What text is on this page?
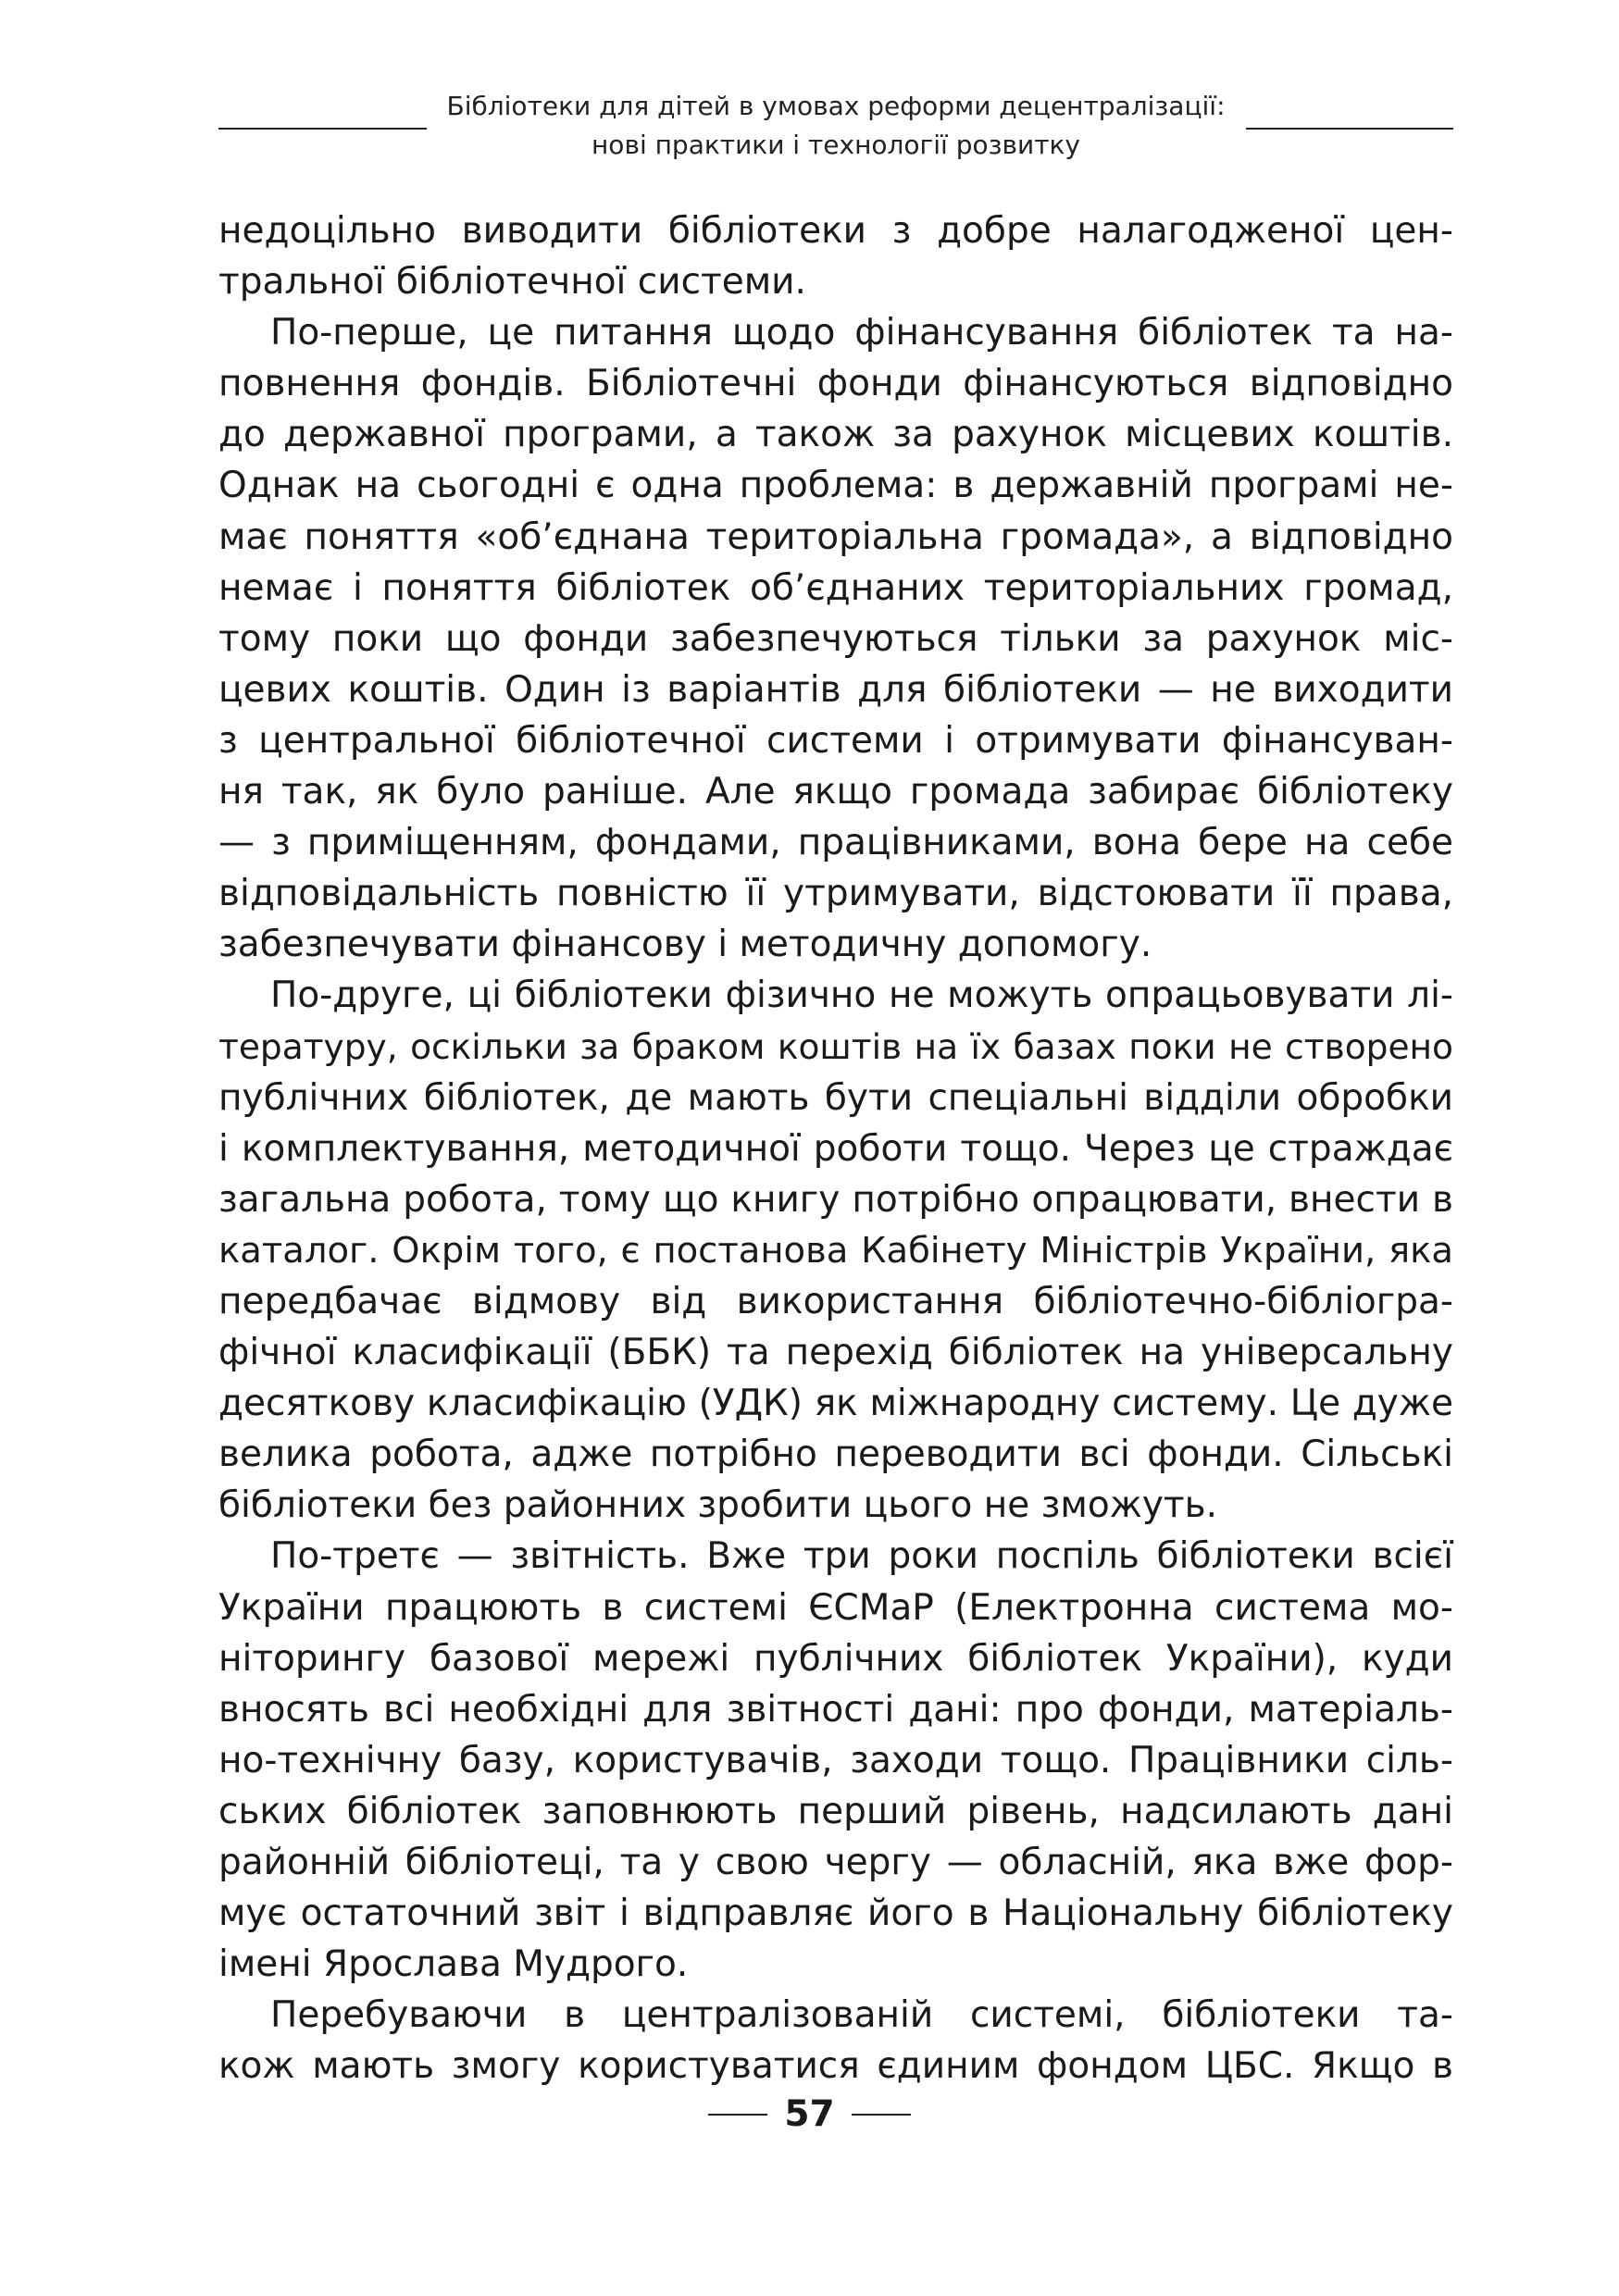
Бібліотеки для дітей в умовах реформи децентралізації:
нові практики і технології розвитку
недоцільно виводити бібліотеки з добре налагодженої цен-
тральної бібліотечної системи.
По-перше, це питання щодо фінансування бібліотек та на-
повнення фондів. Бібліотечні фонди фінансуються відповідно
до державної програми, а також за рахунок місцевих коштів.
Однак на сьогодні є одна проблема: в державній програмі не-
має поняття «об’єднана територіальна громада», а відповідно
немає і поняття бібліотек об’єднаних територіальних громад,
тому поки що фонди забезпечуються тільки за рахунок міс-
цевих коштів. Один із варіантів для бібліотеки — не виходити
з центральної бібліотечної системи і отримувати фінансуван-
ня так, як було раніше. Але якщо громада забирає бібліотеку
— з приміщенням, фондами, працівниками, вона бере на себе
відповідальність повністю її утримувати, відстоювати її права,
забезпечувати фінансову і методичну допомогу.
По-друге, ці бібліотеки фізично не можуть опрацьовувати лі-
тературу, оскільки за браком коштів на їх базах поки не створено
публічних бібліотек, де мають бути спеціальні відділи обробки
і комплектування, методичної роботи тощо. Через це страждає
загальна робота, тому що книгу потрібно опрацювати, внести в
каталог. Окрім того, є постанова Кабінету Міністрів України, яка
передбачає відмову від використання бібліотечно-бібліогра-
фічної класифікації (ББК) та перехід бібліотек на універсальну
десяткову класифікацію (УДК) як міжнародну систему. Це дуже
велика робота, адже потрібно переводити всі фонди. Сільські
бібліотеки без районних зробити цього не зможуть.
По-третє — звітність. Вже три роки поспіль бібліотеки всієї
України працюють в системі ЄСМаР (Електронна система мо-
ніторингу базової мережі публічних бібліотек України), куди
вносять всі необхідні для звітності дані: про фонди, матеріаль-
но-технічну базу, користувачів, заходи тощо. Працівники сіль-
ських бібліотек заповнюють перший рівень, надсилають дані
районній бібліотеці, та у свою чергу — обласній, яка вже фор-
мує остаточний звіт і відправляє його в Національну бібліотеку
імені Ярослава Мудрого.
Перебуваючи в централізованій системі, бібліотеки та-
кож мають змогу користуватися єдиним фондом ЦБС. Якщо в
57
